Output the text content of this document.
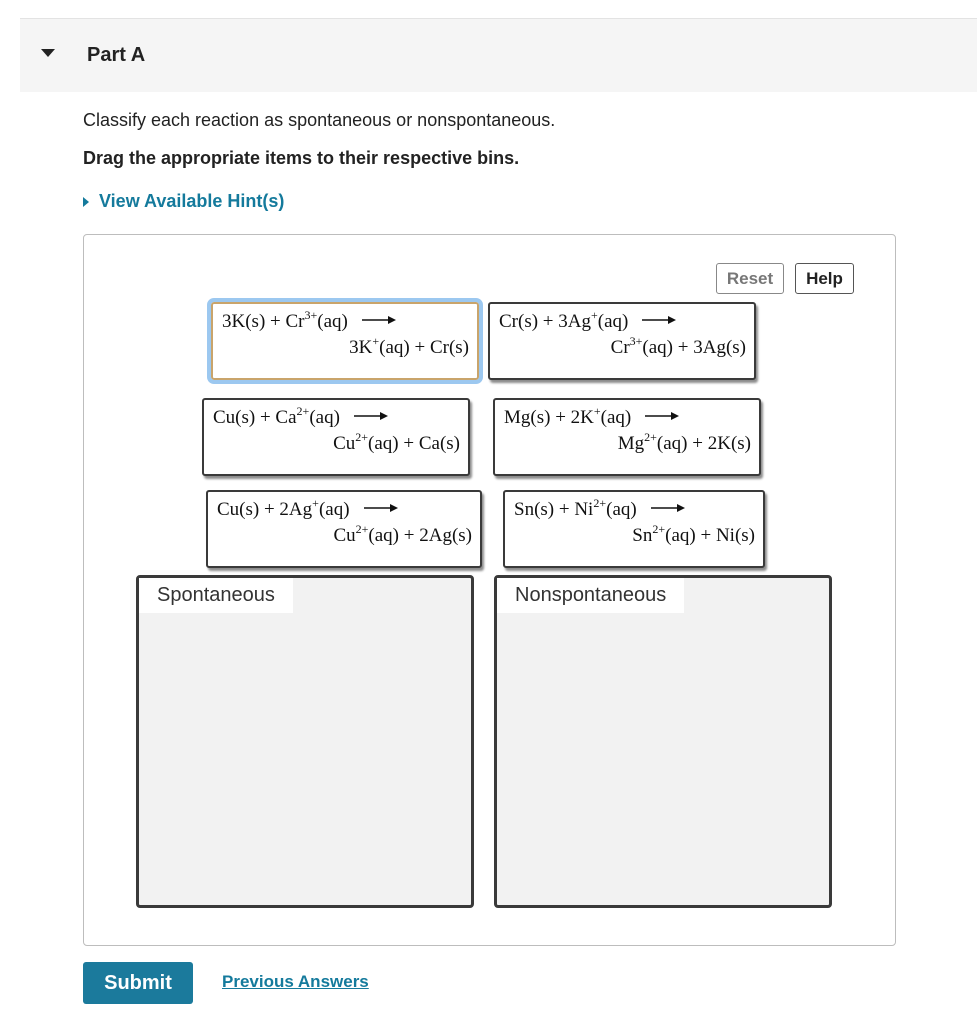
Part A
Classify each reaction as spontaneous or nonspontaneous.
Drag the appropriate items to their respective bins.
View Available Hint(s)
Reset	Help
$3K(s) + Cr^{3+}(aq)$ →
3K+(aq) + Cr(s)
Cr(s) + 3Ag+(aq) →
$Cr^{3+}(aq) + 3Ag(s)$
$Cu(s) + Ca^{2+}(aq)$ →
$Cu^{2+}(aq) + Ca(s)$
Mg(s) + 2K+(aq) →
$Mg^{2+}(aq) + 2K(s)$
Cu(s) + 2Ag+(aq) →
$Cu^{2+}(aq) + 2Ag(s)$
$Sn(s) + Ni^{2+}(aq)$ →
$Sn^{2+}(aq) + Ni(s)$
Spontaneous	Nonspontaneous
Submit	Previous Answers
